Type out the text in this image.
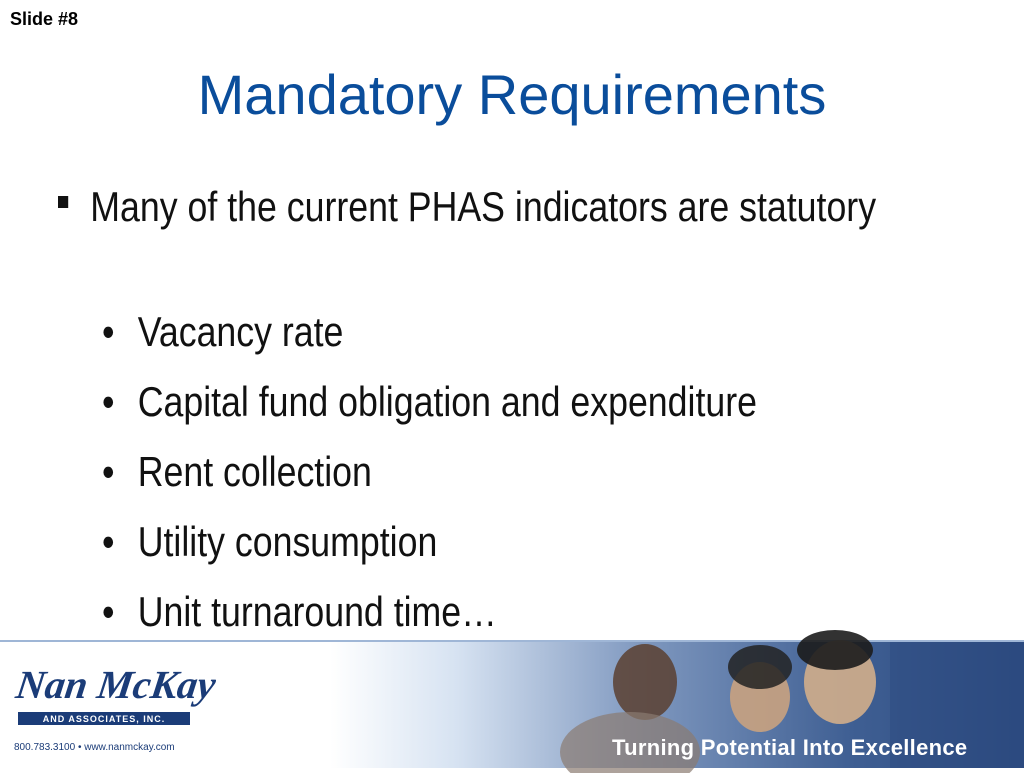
Slide #8
Mandatory Requirements
Many of the current PHAS indicators are statutory
• Vacancy rate
• Capital fund obligation and expenditure
• Rent collection
• Utility consumption
• Unit turnaround time…
Nan McKay
AND ASSOCIATES, INC.
800.783.3100 • www.nanmckay.com	Turning Potential Into Excellence
